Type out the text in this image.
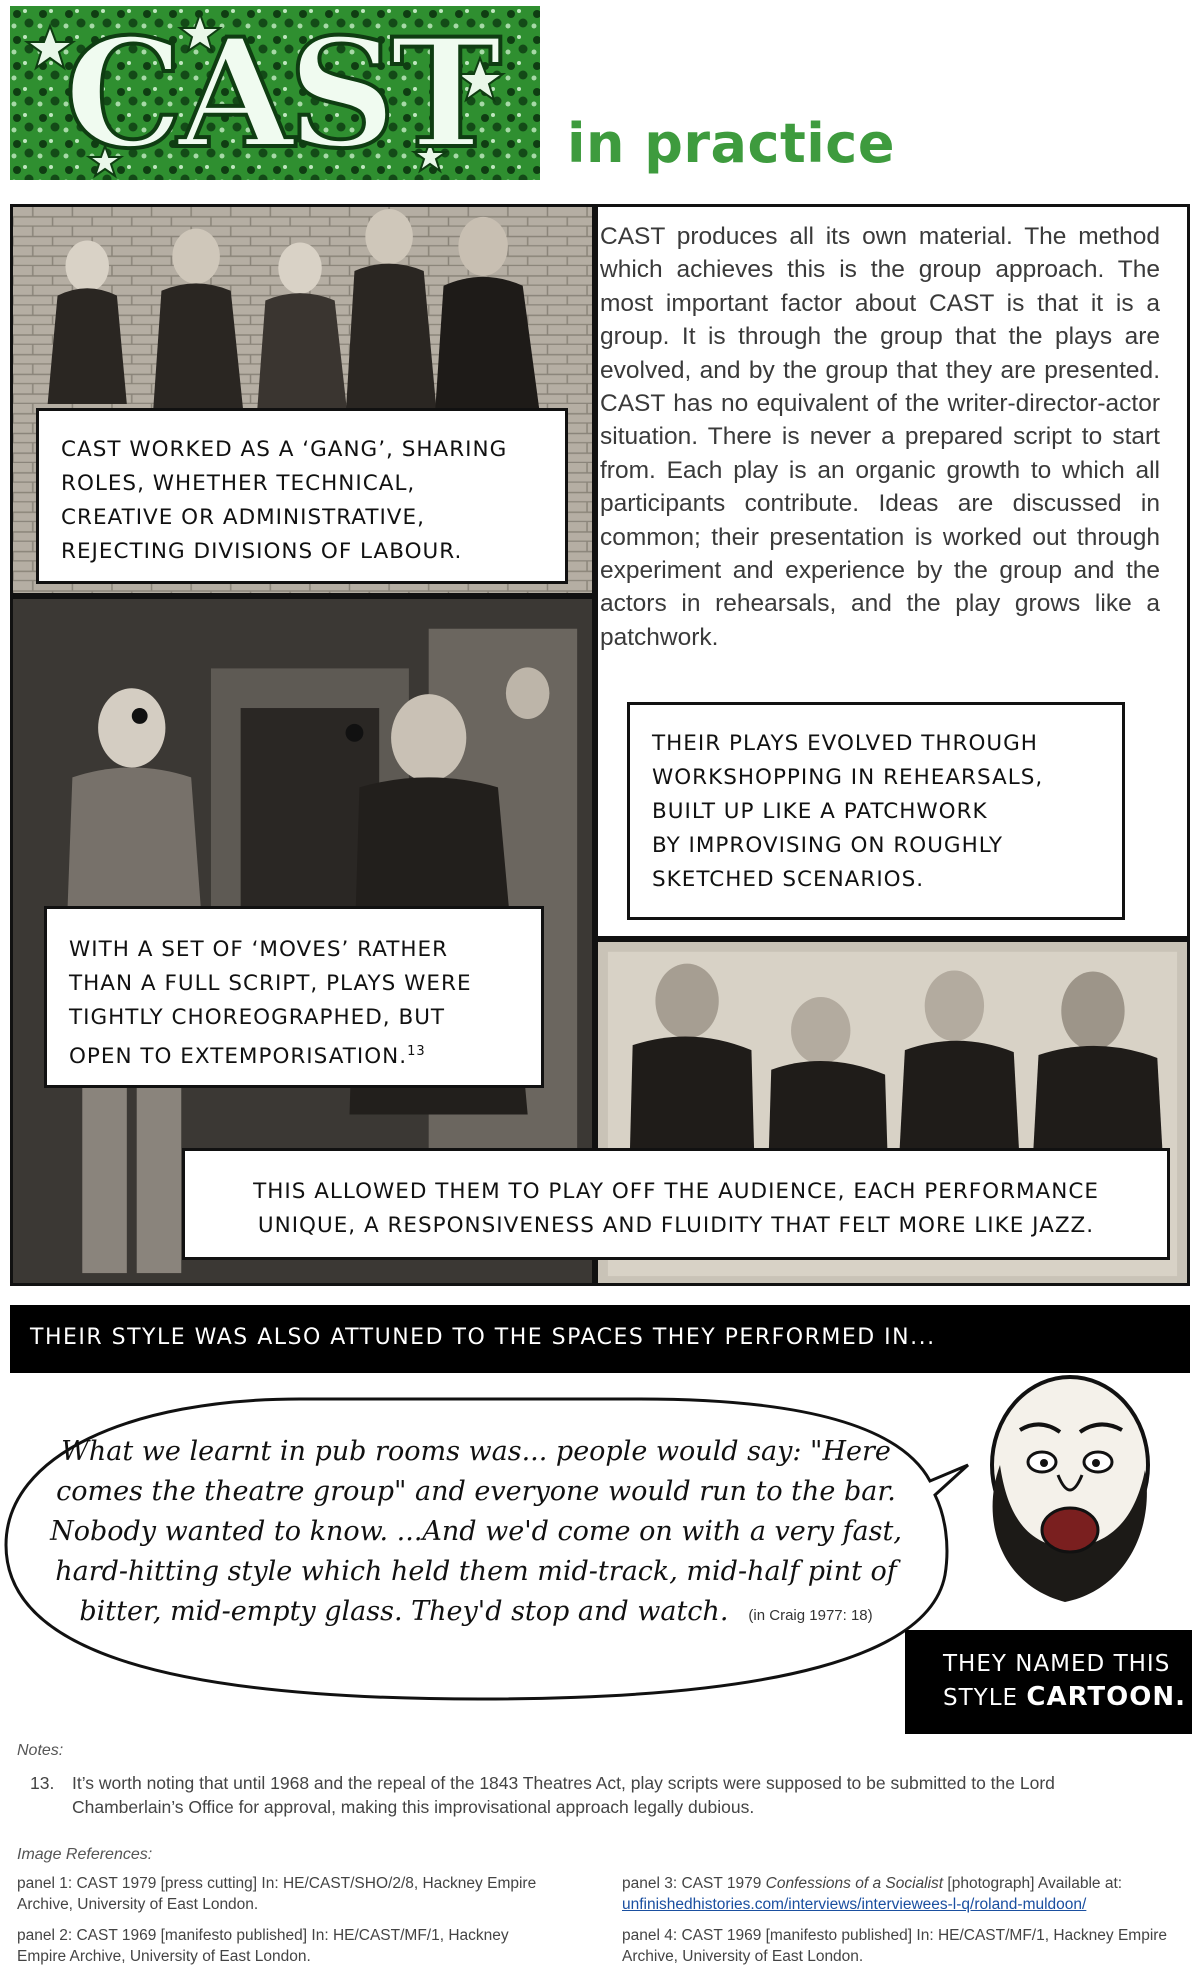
CAST in practice

CAST WORKED AS A ‘GANG’, SHARING
ROLES, WHETHER TECHNICAL,
CREATIVE OR ADMINISTRATIVE,
REJECTING DIVISIONS OF LABOUR.

CAST produces all its own material. The method which achieves this is the group approach. The most important factor about CAST is that it is a group. It is through the group that the plays are evolved, and by the group that they are presented. CAST has no equivalent of the writer-director-actor situation. There is never a prepared script to start from. Each play is an organic growth to which all participants contribute. Ideas are discussed in common; their presentation is worked out through experiment and experience by the group and the actors in rehearsals, and the play grows like a patchwork.

THEIR PLAYS EVOLVED THROUGH
WORKSHOPPING IN REHEARSALS,
BUILT UP LIKE A PATCHWORK
BY IMPROVISING ON ROUGHLY
SKETCHED SCENARIOS.

WITH A SET OF ‘MOVES’ RATHER
THAN A FULL SCRIPT, PLAYS WERE
TIGHTLY CHOREOGRAPHED, BUT
OPEN TO EXTEMPORISATION.$^{13}$

THIS ALLOWED THEM TO PLAY OFF THE AUDIENCE, EACH PERFORMANCE
UNIQUE, A RESPONSIVENESS AND FLUIDITY THAT FELT MORE LIKE JAZZ.

THEIR STYLE WAS ALSO ATTUNED TO THE SPACES THEY PERFORMED IN...
What we learnt in pub rooms was... people would say: "Here comes the theatre group" and everyone would run to the bar. Nobody wanted to know. ...And we'd come on with a very fast, hard-hitting style which held them mid-track, mid-half pint of bitter, mid-empty glass. They'd stop and watch. (in Craig 1977: 18)
THEY NAMED THIS
STYLE CARTOON.
Notes:
13. It’s worth noting that until 1968 and the repeal of the 1843 Theatres Act, play scripts were supposed to be submitted to the Lord Chamberlain’s Office for approval, making this improvisational approach legally dubious.
Image References:
panel 1: CAST 1979 [press cutting] In: HE/CAST/SHO/2/8, Hackney Empire Archive, University of East London.
panel 2: CAST 1969 [manifesto published] In: HE/CAST/MF/1, Hackney Empire Archive, University of East London.
panel 3: CAST 1979 Confessions of a Socialist [photograph] Available at:
unfinishedhistories.com/interviews/interviewees-l-q/roland-muldoon/
panel 4: CAST 1969 [manifesto published] In: HE/CAST/MF/1, Hackney Empire Archive, University of East London.
